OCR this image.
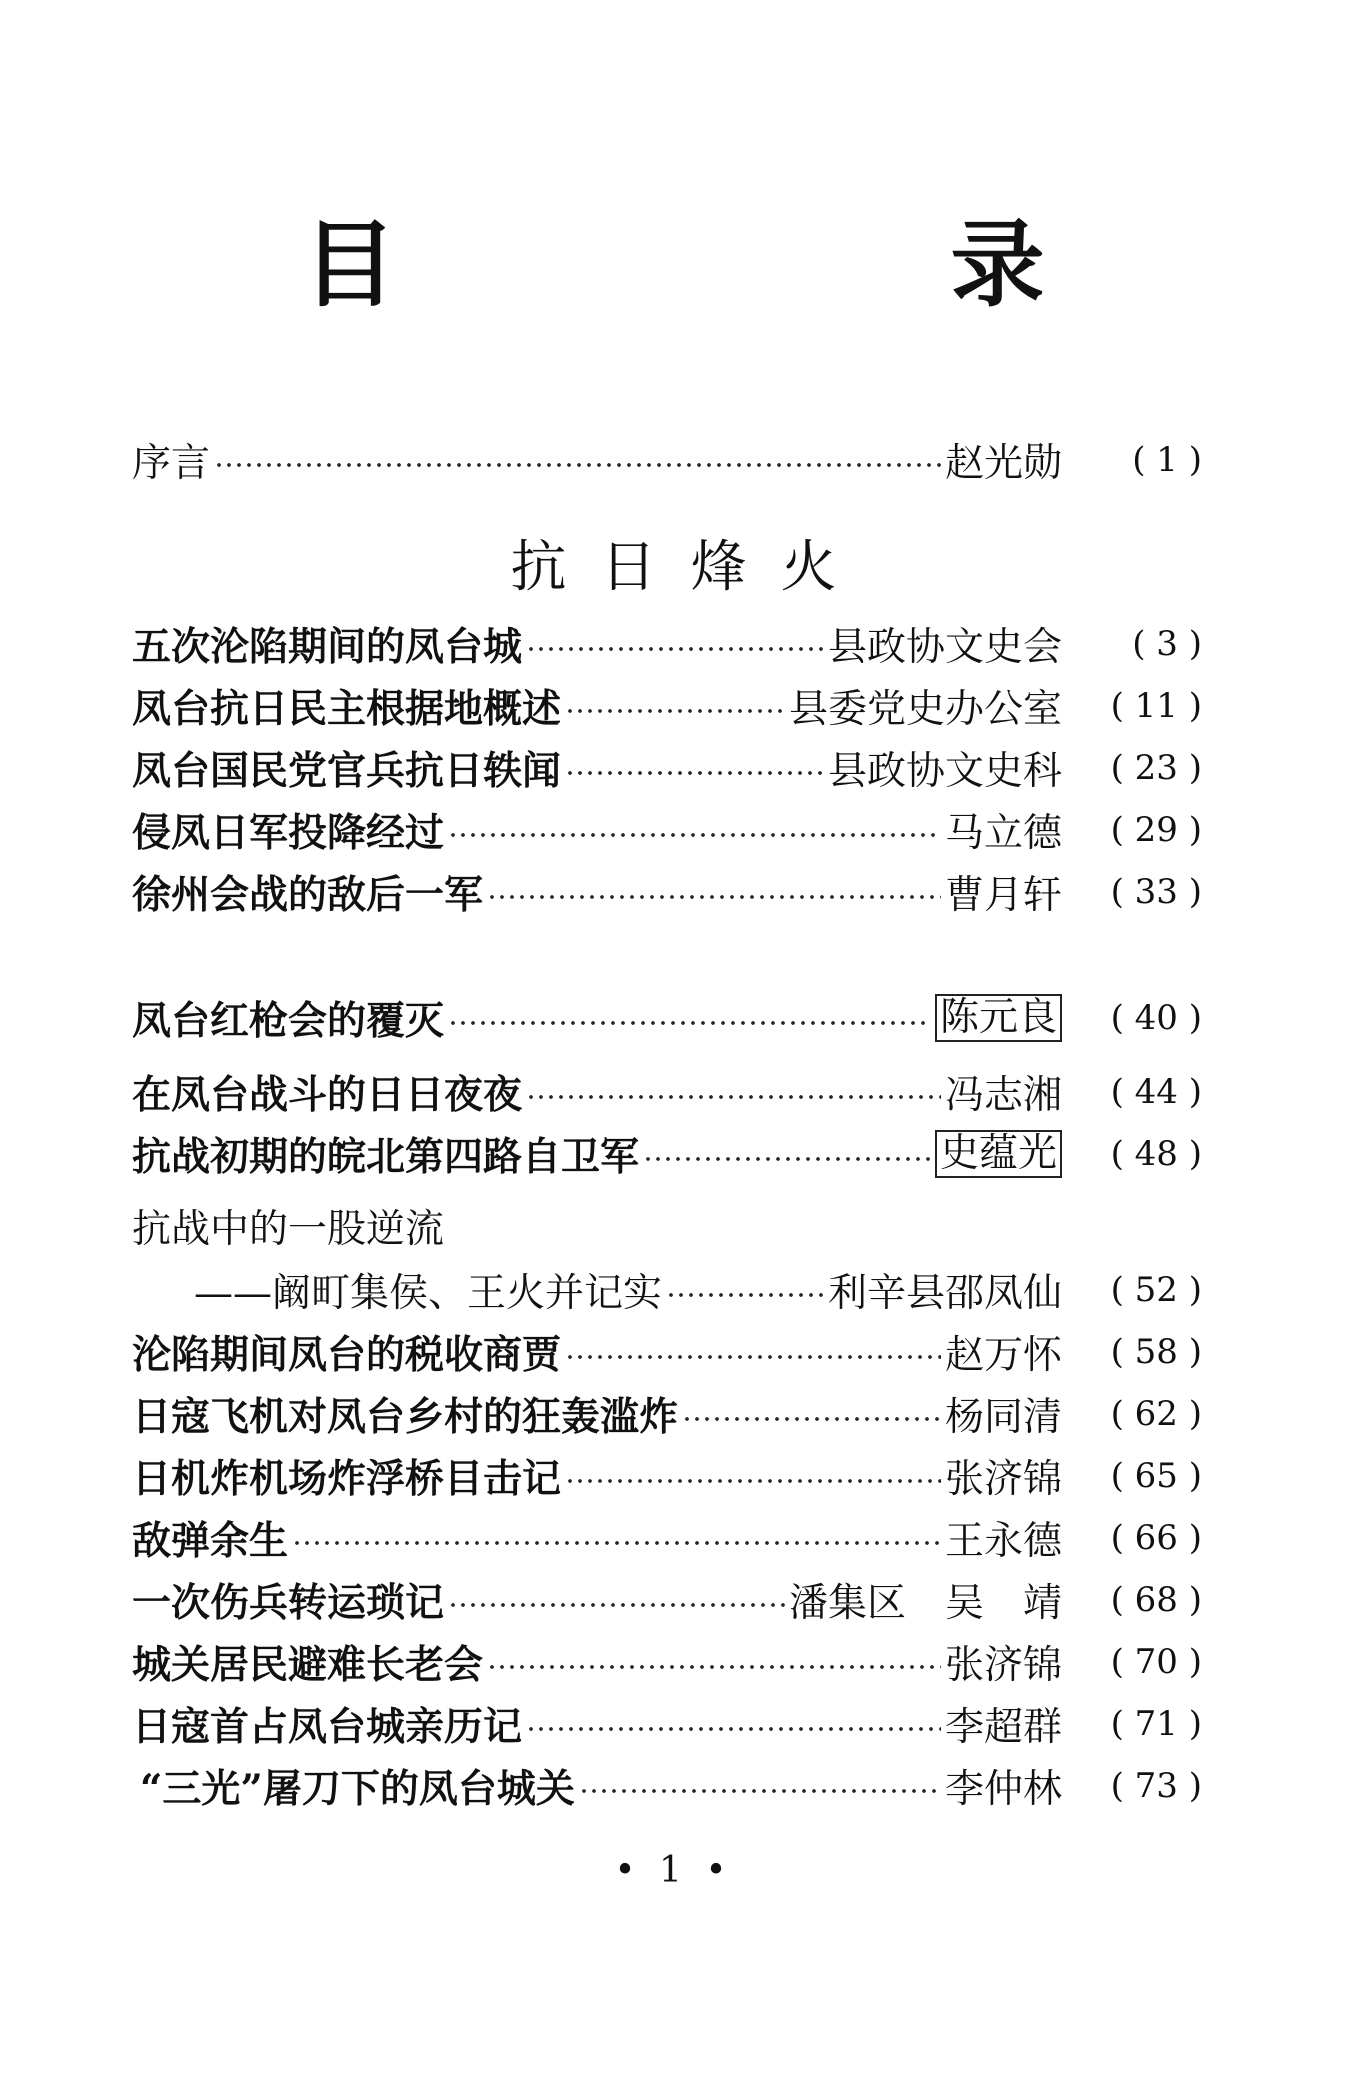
目　录
序言	赵光勋	( 1 )
抗日烽火
五次沦陷期间的凤台城	县政协文史会	( 3 )
凤台抗日民主根据地概述	县委党史办公室	( 11 )
凤台国民党官兵抗日轶闻	县政协文史科	( 23 )
侵凤日军投降经过	马立德	( 29 )
徐州会战的敌后一军	曹月轩	( 33 )
凤台红枪会的覆灭	陈元良	( 40 )
在凤台战斗的日日夜夜	冯志湘	( 44 )
抗战初期的皖北第四路自卫军	史蕴光	( 48 )
抗战中的一股逆流
——阚町集侯、王火并记实	利辛县邵凤仙	( 52 )
沦陷期间凤台的税收商贾	赵万怀	( 58 )
日寇飞机对凤台乡村的狂轰滥炸	杨同清	( 62 )
日机炸机场炸浮桥目击记	张济锦	( 65 )
敌弹余生	王永德	( 66 )
一次伤兵转运琐记	潘集区　吴　靖	( 68 )
城关居民避难长老会	张济锦	( 70 )
日寇首占凤台城亲历记	李超群	( 71 )
“三光”屠刀下的凤台城关	李仲林	( 73 )
• 1 •
